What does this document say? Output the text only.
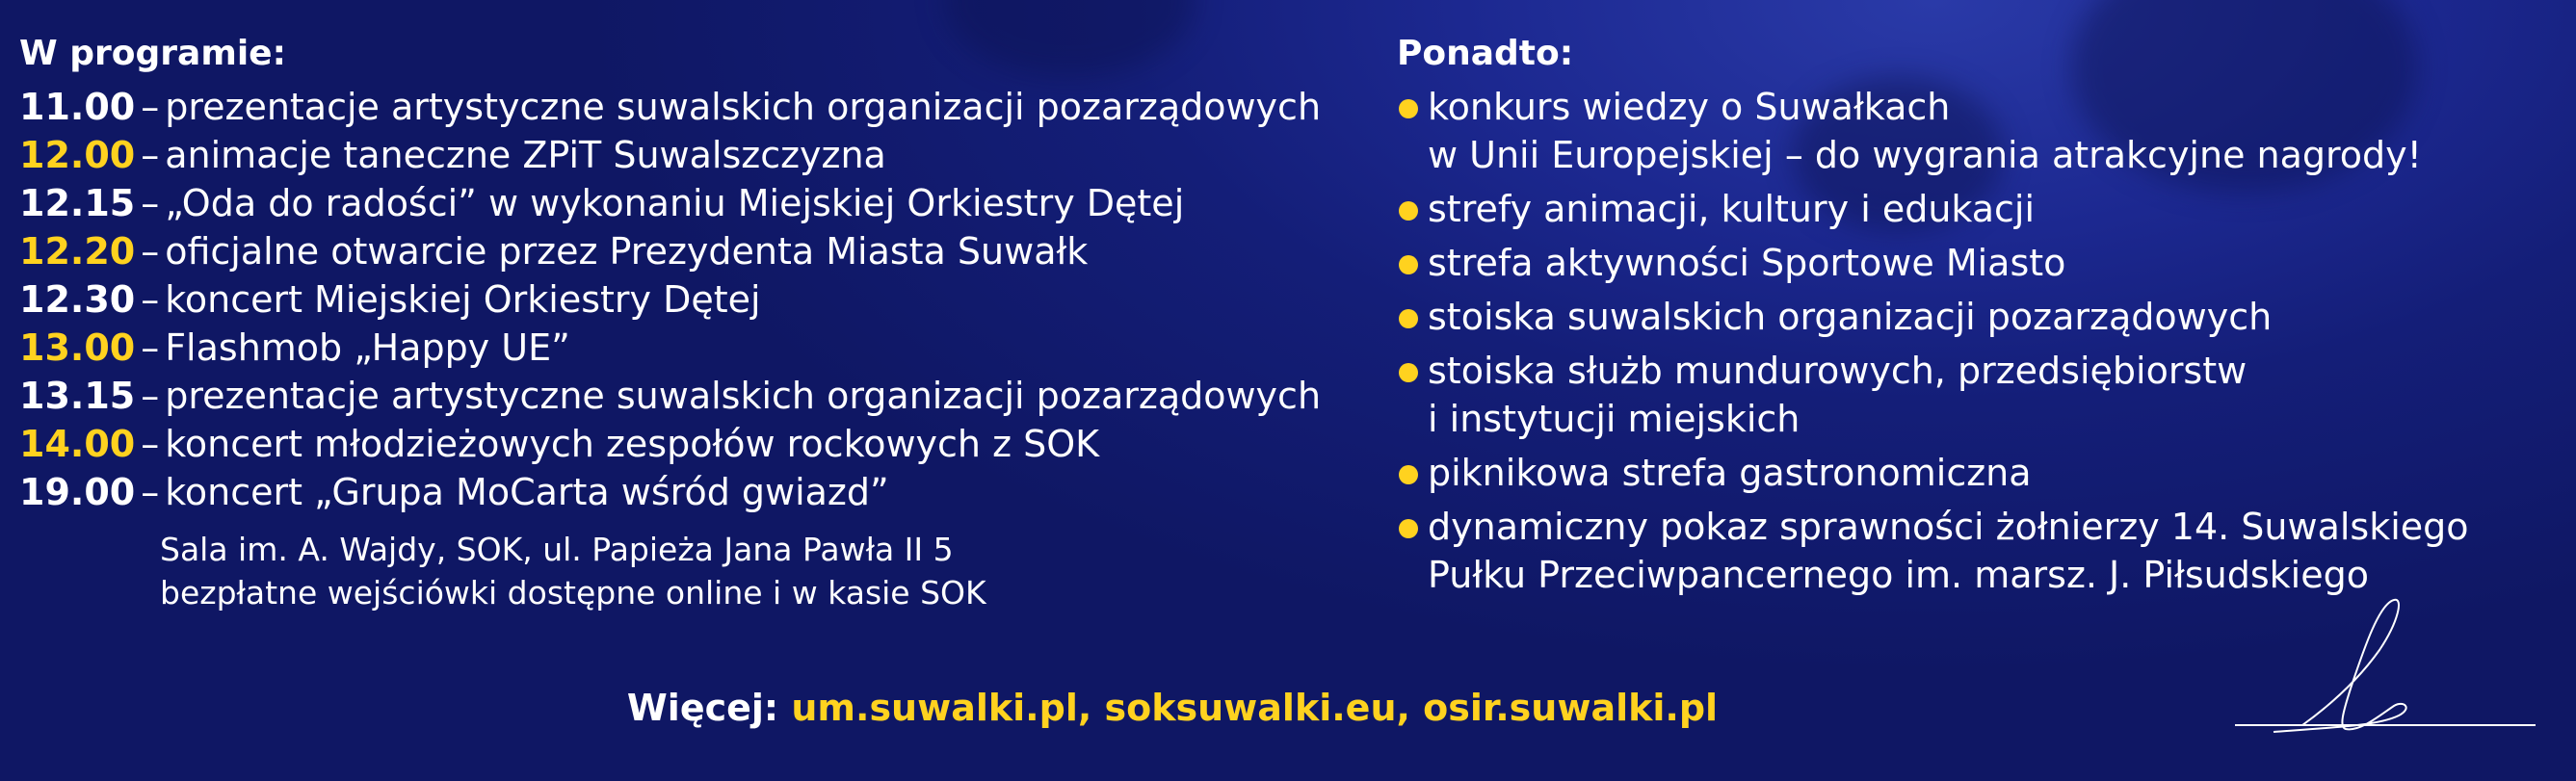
W programie:
11.00 – prezentacje artystyczne suwalskich organizacji pozarządowych
12.00 – animacje taneczne ZPiT Suwalszczyzna
12.15 – „Oda do radości” w wykonaniu Miejskiej Orkiestry Dętej
12.20 – oficjalne otwarcie przez Prezydenta Miasta Suwałk
12.30 – koncert Miejskiej Orkiestry Dętej
13.00 – Flashmob „Happy UE”
13.15 – prezentacje artystyczne suwalskich organizacji pozarządowych
14.00 – koncert młodzieżowych zespołów rockowych z SOK
19.00 – koncert „Grupa MoCarta wśród gwiazd”
Sala im. A. Wajdy, SOK, ul. Papieża Jana Pawła II 5
bezpłatne wejściówki dostępne online i w kasie SOK
Ponadto:
konkurs wiedzy o Suwałkach
w Unii Europejskiej – do wygrania atrakcyjne nagrody!
strefy animacji, kultury i edukacji
strefa aktywności Sportowe Miasto
stoiska suwalskich organizacji pozarządowych
stoiska służb mundurowych, przedsiębiorstw
i instytucji miejskich
piknikowa strefa gastronomiczna
dynamiczny pokaz sprawności żołnierzy 14. Suwalskiego
Pułku Przeciwpancernego im. marsz. J. Piłsudskiego
Więcej: um.suwalki.pl, soksuwalki.eu, osir.suwalki.pl
